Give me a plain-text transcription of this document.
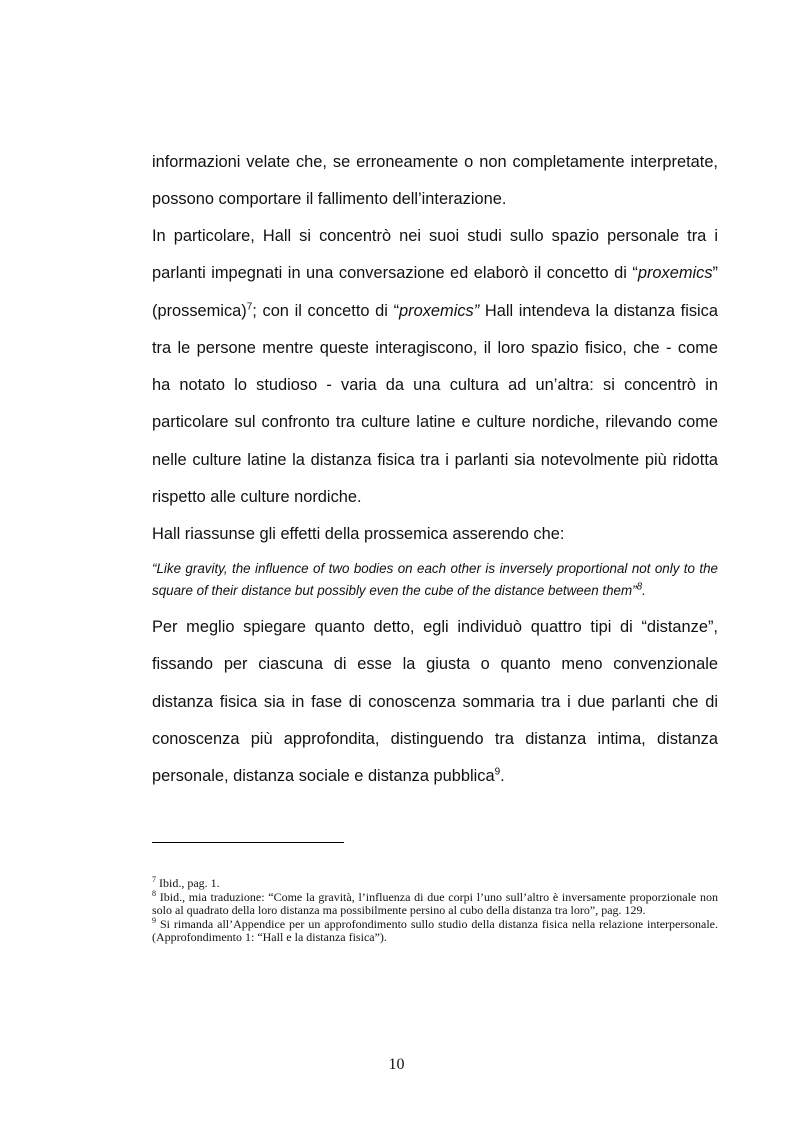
informazioni velate che, se erroneamente o non completamente interpretate, possono comportare il fallimento dell’interazione.

In particolare, Hall si concentrò nei suoi studi sullo spazio personale tra i parlanti impegnati in una conversazione ed elaborò il concetto di “proxemics” (prossemica)$^7$; con il concetto di “proxemics” Hall intendeva la distanza fisica tra le persone mentre queste interagiscono, il loro spazio fisico, che - come ha notato lo studioso - varia da una cultura ad un’altra: si concentrò in particolare sul confronto tra culture latine e culture nordiche, rilevando come nelle culture latine la distanza fisica tra i parlanti sia notevolmente più ridotta rispetto alle culture nordiche.

Hall riassunse gli effetti della prossemica asserendo che:

“Like gravity, the influence of two bodies on each other is inversely proportional not only to the square of their distance but possibly even the cube of the distance between them”$^8$.

Per meglio spiegare quanto detto, egli individuò quattro tipi di “distanze”, fissando per ciascuna di esse la giusta o quanto meno convenzionale distanza fisica sia in fase di conoscenza sommaria tra i due parlanti che di conoscenza più approfondita, distinguendo tra distanza intima, distanza personale, distanza sociale e distanza pubblica$^9$.

$^7$ Ibid., pag. 1.

$^8$ Ibid., mia traduzione: “Come la gravità, l’influenza di due corpi l’uno sull’altro è inversamente proporzionale non solo al quadrato della loro distanza ma possibilmente persino al cubo della distanza tra loro”, pag. 129.

$^9$ Si rimanda all’Appendice per un approfondimento sullo studio della distanza fisica nella relazione interpersonale. (Approfondimento 1: “Hall e la distanza fisica”).

10
